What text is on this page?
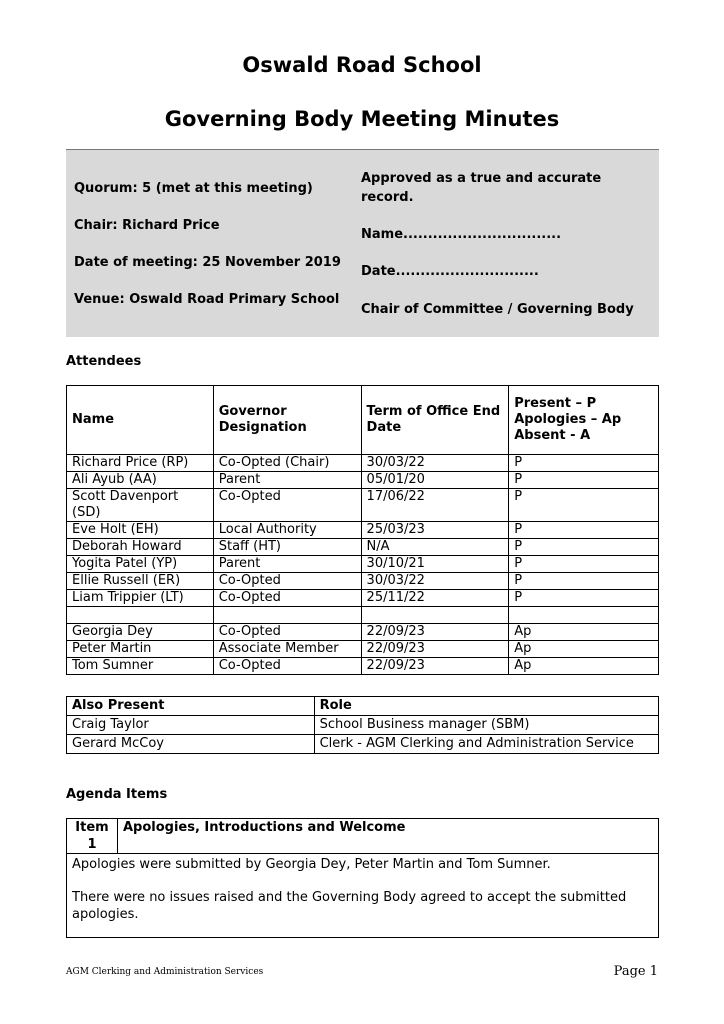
Oswald Road School
Governing Body Meeting Minutes
Quorum: 5 (met at this meeting)
Chair: Richard Price
Date of meeting: 25 November 2019
Venue: Oswald Road Primary School
Approved as a true and accurate record.
Name................................
Date.............................
Chair of Committee / Governing Body
Attendees
Name	Governor Designation	Term of Office End Date	Present – P Apologies – Ap Absent - A
Richard Price (RP)	Co-Opted (Chair)	30/03/22	P
Ali Ayub (AA)	Parent	05/01/20	P
Scott Davenport (SD)	Co-Opted	17/06/22	P
Eve Holt (EH)	Local Authority	25/03/23	P
Deborah Howard	Staff (HT)	N/A	P
Yogita Patel (YP)	Parent	30/10/21	P
Ellie Russell (ER)	Co-Opted	30/03/22	P
Liam Trippier (LT)	Co-Opted	25/11/22	P

Georgia Dey	Co-Opted	22/09/23	Ap
Peter Martin	Associate Member	22/09/23	Ap
Tom Sumner	Co-Opted	22/09/23	Ap
Also Present	Role
Craig Taylor	School Business manager (SBM)
Gerard McCoy	Clerk - AGM Clerking and Administration Service
Agenda Items
Item 1	Apologies, Introductions and Welcome

Apologies were submitted by Georgia Dey, Peter Martin and Tom Sumner.

There were no issues raised and the Governing Body agreed to accept the submitted apologies.

AGM Clerking and Administration Services	Page 1
